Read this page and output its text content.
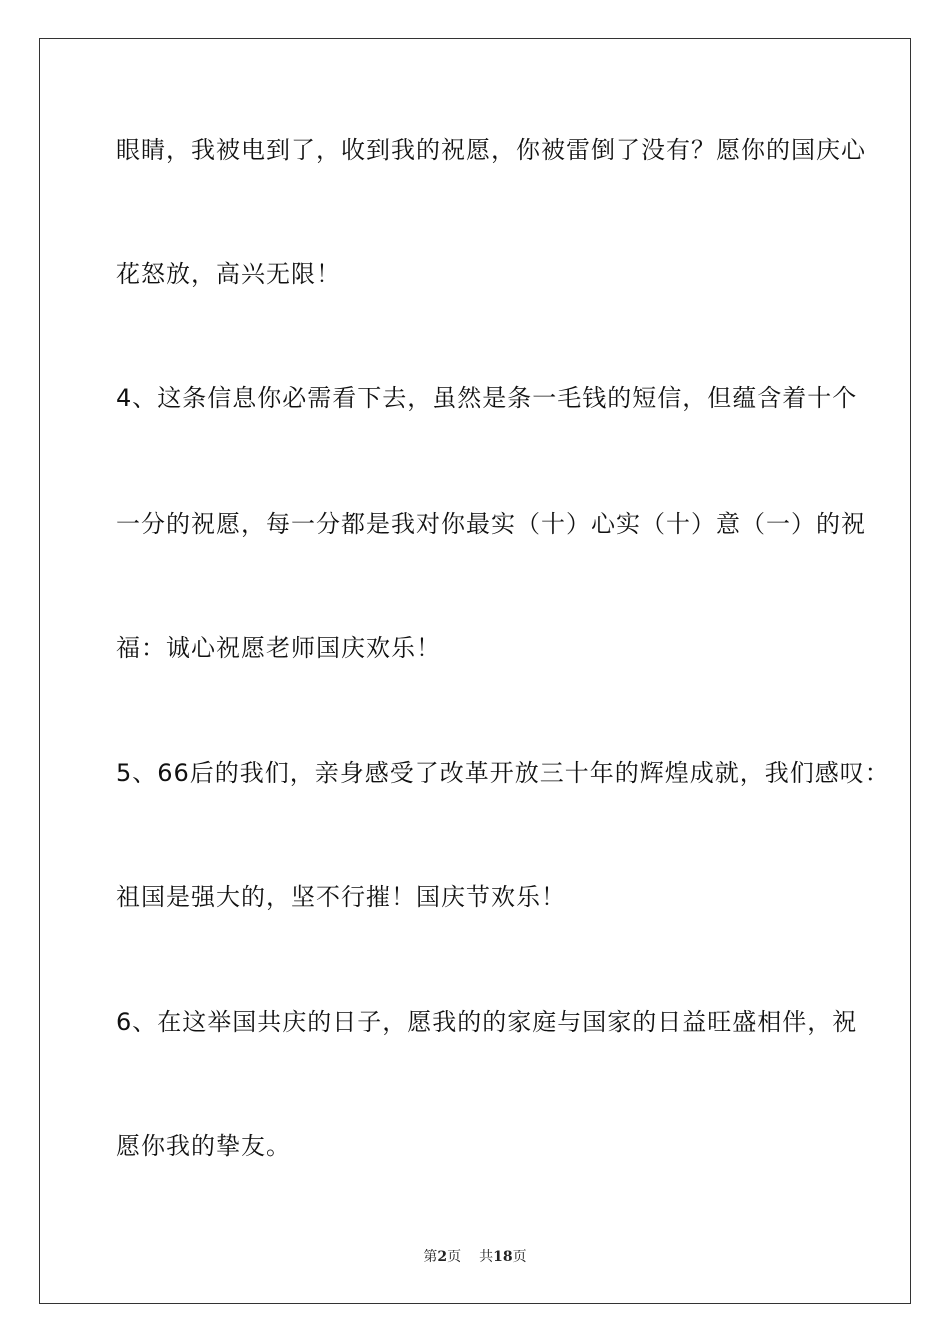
眼睛，我被电到了，收到我的祝愿，你被雷倒了没有？愿你的国庆心
花怒放，高兴无限！
4、这条信息你必需看下去，虽然是条一毛钱的短信，但蕴含着十个
一分的祝愿，每一分都是我对你最实（十）心实（十）意（一）的祝
福：诚心祝愿老师国庆欢乐！
5、66后的我们，亲身感受了改革开放三十年的辉煌成就，我们感叹：
祖国是强大的，坚不行摧！国庆节欢乐！
6、在这举国共庆的日子，愿我的的家庭与国家的日益旺盛相伴，祝
愿你我的挚友。
第2页 共18页
